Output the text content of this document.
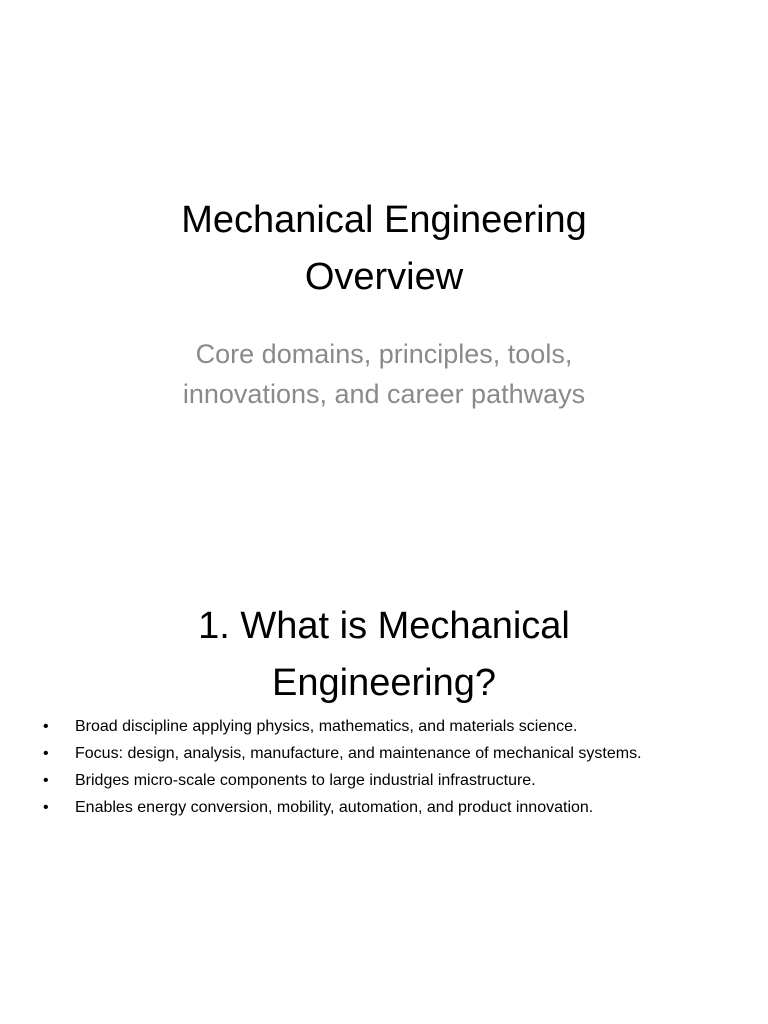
Mechanical Engineering
Overview
Core domains, principles, tools,
innovations, and career pathways
1. What is Mechanical
Engineering?
• Broad discipline applying physics, mathematics, and materials science.
• Focus: design, analysis, manufacture, and maintenance of mechanical systems.
• Bridges micro-scale components to large industrial infrastructure.
• Enables energy conversion, mobility, automation, and product innovation.
